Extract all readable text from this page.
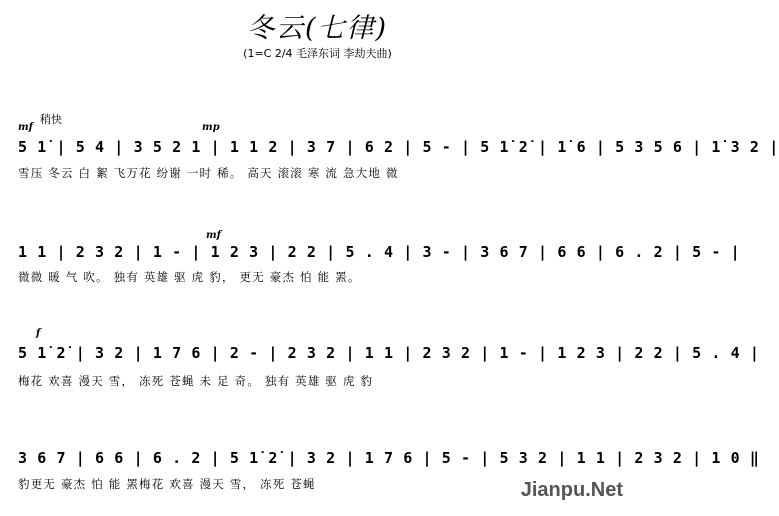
冬云(七律)
(1=C 2/4 毛泽东词 李劫夫曲)
稍快
mf	mp
mf
f
5 1̇ | 5 4 | 3 5 2 1 | 1 1 2 | 3 7 | 6 2 | 5 - | 5 1̇ 2̇ | 1̇ 6 | 5 3 5 6 | 1̇ 3 2 |
雪压 冬云 白 絮 飞万花 纷谢 一时 稀。 高天 滚滚 寒 流 急大地 微
1 1 | 2 3 2 | 1 - | 1 2 3 | 2 2 | 5 . 4 | 3 - | 3 6 7 | 6 6 | 6 . 2 | 5 - |
微微 暖 气 吹。 独有 英雄 驱 虎 豹， 更无 豪杰 怕 能 罴。
5 1̇ 2̇ | 3 2 | 1 7 6 | 2 - | 2 3 2 | 1 1 | 2 3 2 | 1 - | 1 2 3 | 2 2 | 5 . 4 |
梅花 欢喜 漫天 雪， 冻死 苍蝇 未 足 奇。 独有 英雄 驱 虎 豹
3 6 7 | 6 6 | 6 . 2 | 5 1̇ 2̇ | 3 2 | 1 7 6 | 5 - | 5 3 2 | 1 1 | 2 3 2 | 1 0 ‖
豹更无 豪杰 怕 能 罴梅花 欢喜 漫天 雪， 冻死 苍蝇	Jianpu.Net
